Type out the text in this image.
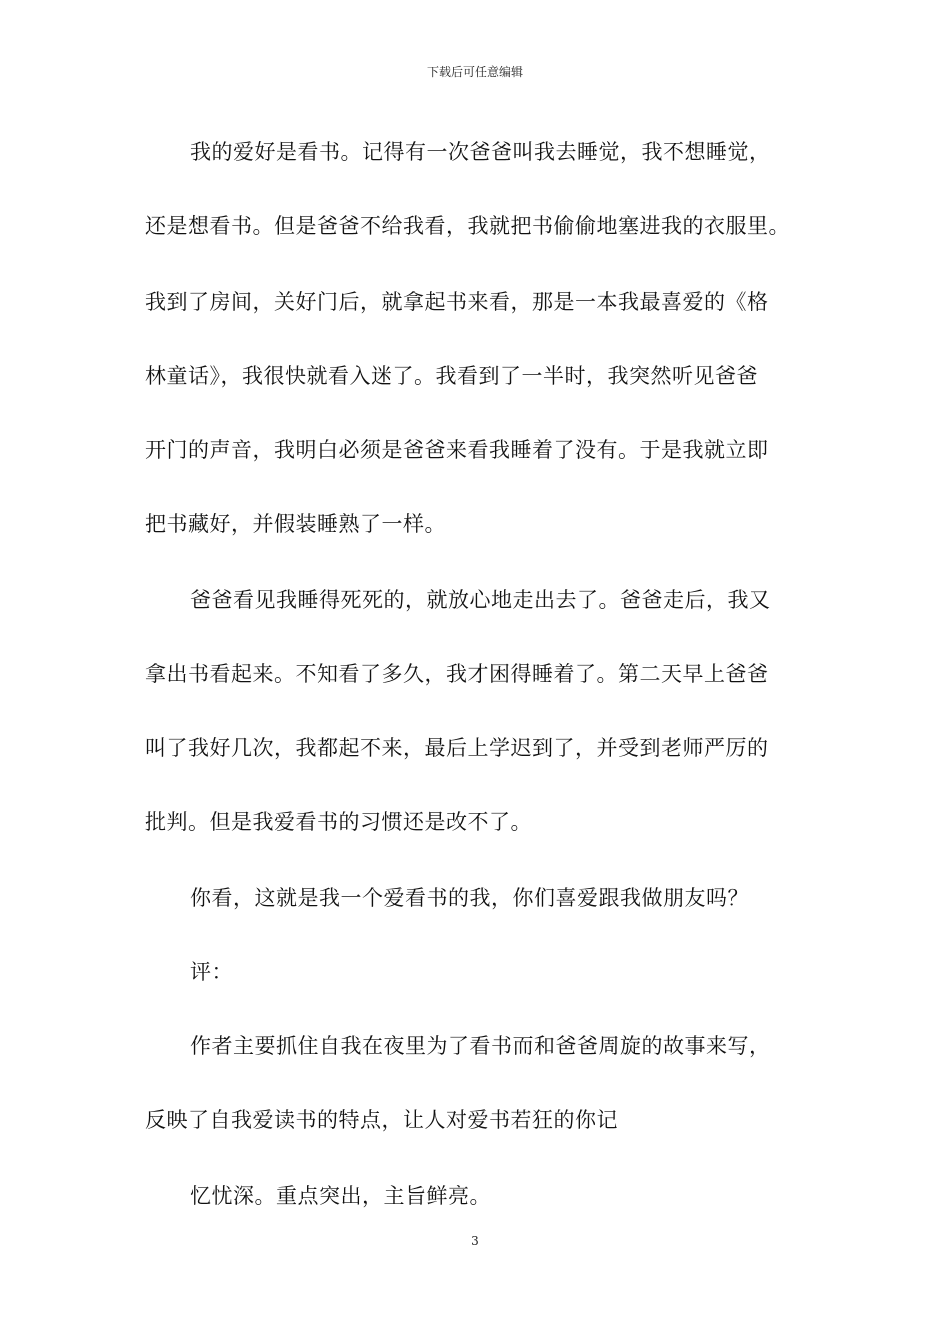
下载后可任意编辑
我的爱好是看书。记得有一次爸爸叫我去睡觉，我不想睡觉，
还是想看书。但是爸爸不给我看，我就把书偷偷地塞进我的衣服里。
我到了房间，关好门后，就拿起书来看，那是一本我最喜爱的《格
林童话》，我很快就看入迷了。我看到了一半时，我突然听见爸爸
开门的声音，我明白必须是爸爸来看我睡着了没有。于是我就立即
把书藏好，并假装睡熟了一样。
爸爸看见我睡得死死的，就放心地走出去了。爸爸走后，我又
拿出书看起来。不知看了多久，我才困得睡着了。第二天早上爸爸
叫了我好几次，我都起不来，最后上学迟到了，并受到老师严厉的
批判。但是我爱看书的习惯还是改不了。
你看，这就是我一个爱看书的我，你们喜爱跟我做朋友吗？
评：
作者主要抓住自我在夜里为了看书而和爸爸周旋的故事来写，
反映了自我爱读书的特点，让人对爱书若狂的你记
忆忧深。重点突出，主旨鲜亮。
3
